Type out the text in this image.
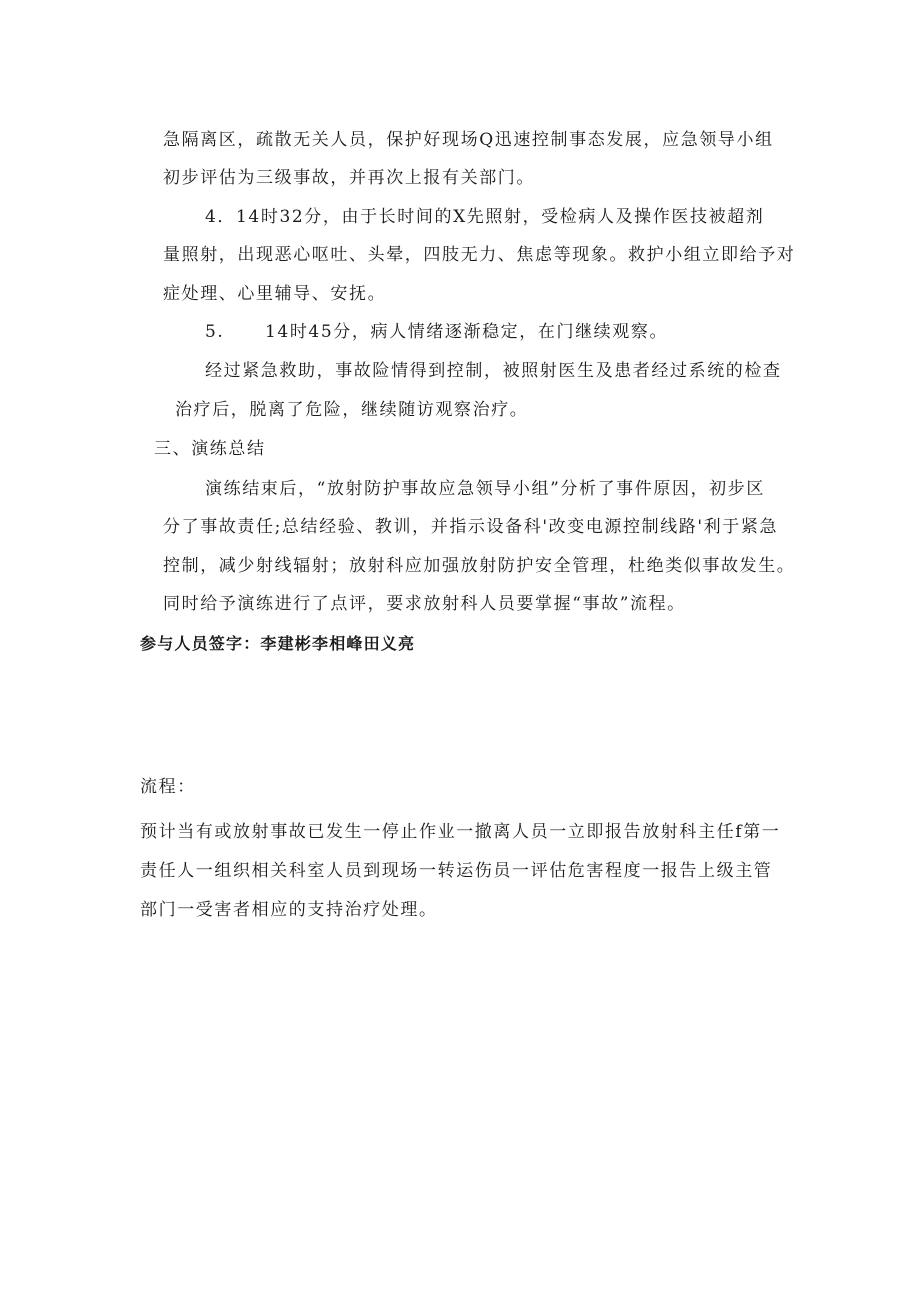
急隔离区，疏散无关人员，保护好现场Q迅速控制事态发展，应急领导小组
初步评估为三级事故，并再次上报有关部门。
4．14时32分，由于长时间的X先照射，受检病人及操作医技被超剂
量照射，出现恶心呕吐、头晕，四肢无力、焦虑等现象。救护小组立即给予对
症处理、心里辅导、安抚。
5. 14时45分，病人情绪逐渐稳定，在门继续观察。
经过紧急救助，事故险情得到控制，被照射医生及患者经过系统的检查
治疗后，脱离了危险，继续随访观察治疗。
三、演练总结
演练结束后，“放射防护事故应急领导小组”分析了事件原因，初步区
分了事故责任;总结经验、教训，并指示设备科'改变电源控制线路'利于紧急
控制，减少射线辐射；放射科应加强放射防护安全管理，杜绝类似事故发生。
同时给予演练进行了点评，要求放射科人员要掌握“事故”流程。
参与人员签字：李建彬李相峰田义亮
流程：
预计当有或放射事故已发生一停止作业一撤离人员一立即报告放射科主任f第一
责任人一组织相关科室人员到现场一转运伤员一评估危害程度一报告上级主管
部门一受害者相应的支持治疗处理。
